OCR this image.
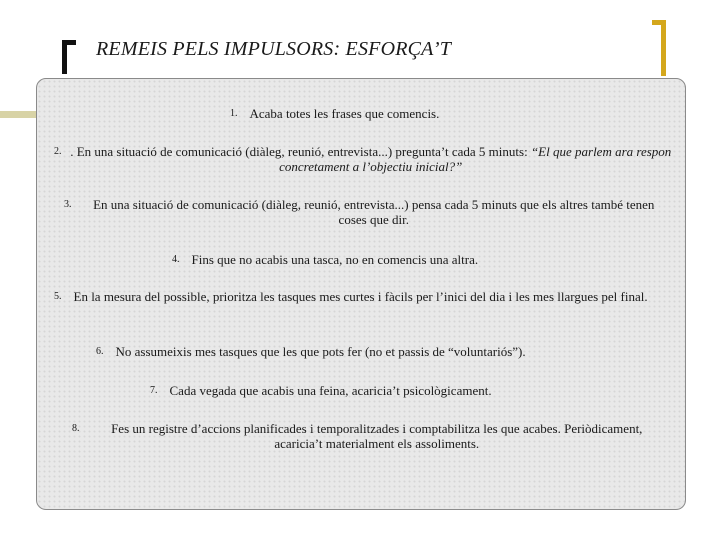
REMEIS PELS IMPULSORS: ESFORÇA’T
1. Acaba totes les frases que comencis.
2. . En una situació de comunicació (diàleg, reunió, entrevista...) pregunta’t cada 5 minuts: “El que parlem ara respon concretament a l’objectiu inicial?”
3.	En una situació de comunicació (diàleg, reunió, entrevista...) pensa cada 5 minuts que els altres també tenen coses que dir.
4. Fins que no acabis una tasca, no en comencis una altra.
5. En la mesura del possible, prioritza les tasques mes curtes i fàcils per l’inici del dia i les mes llargues pel final.
6. No assumeixis mes tasques que les que pots fer (no et passis de “voluntariós”).
7. Cada vegada que acabis una feina, acaricia’t psicològicament.
8.	Fes un registre d’accions planificades i temporalitzades i comptabilitza les que acabes. Periòdicament, acaricia’t materialment els assoliments.
